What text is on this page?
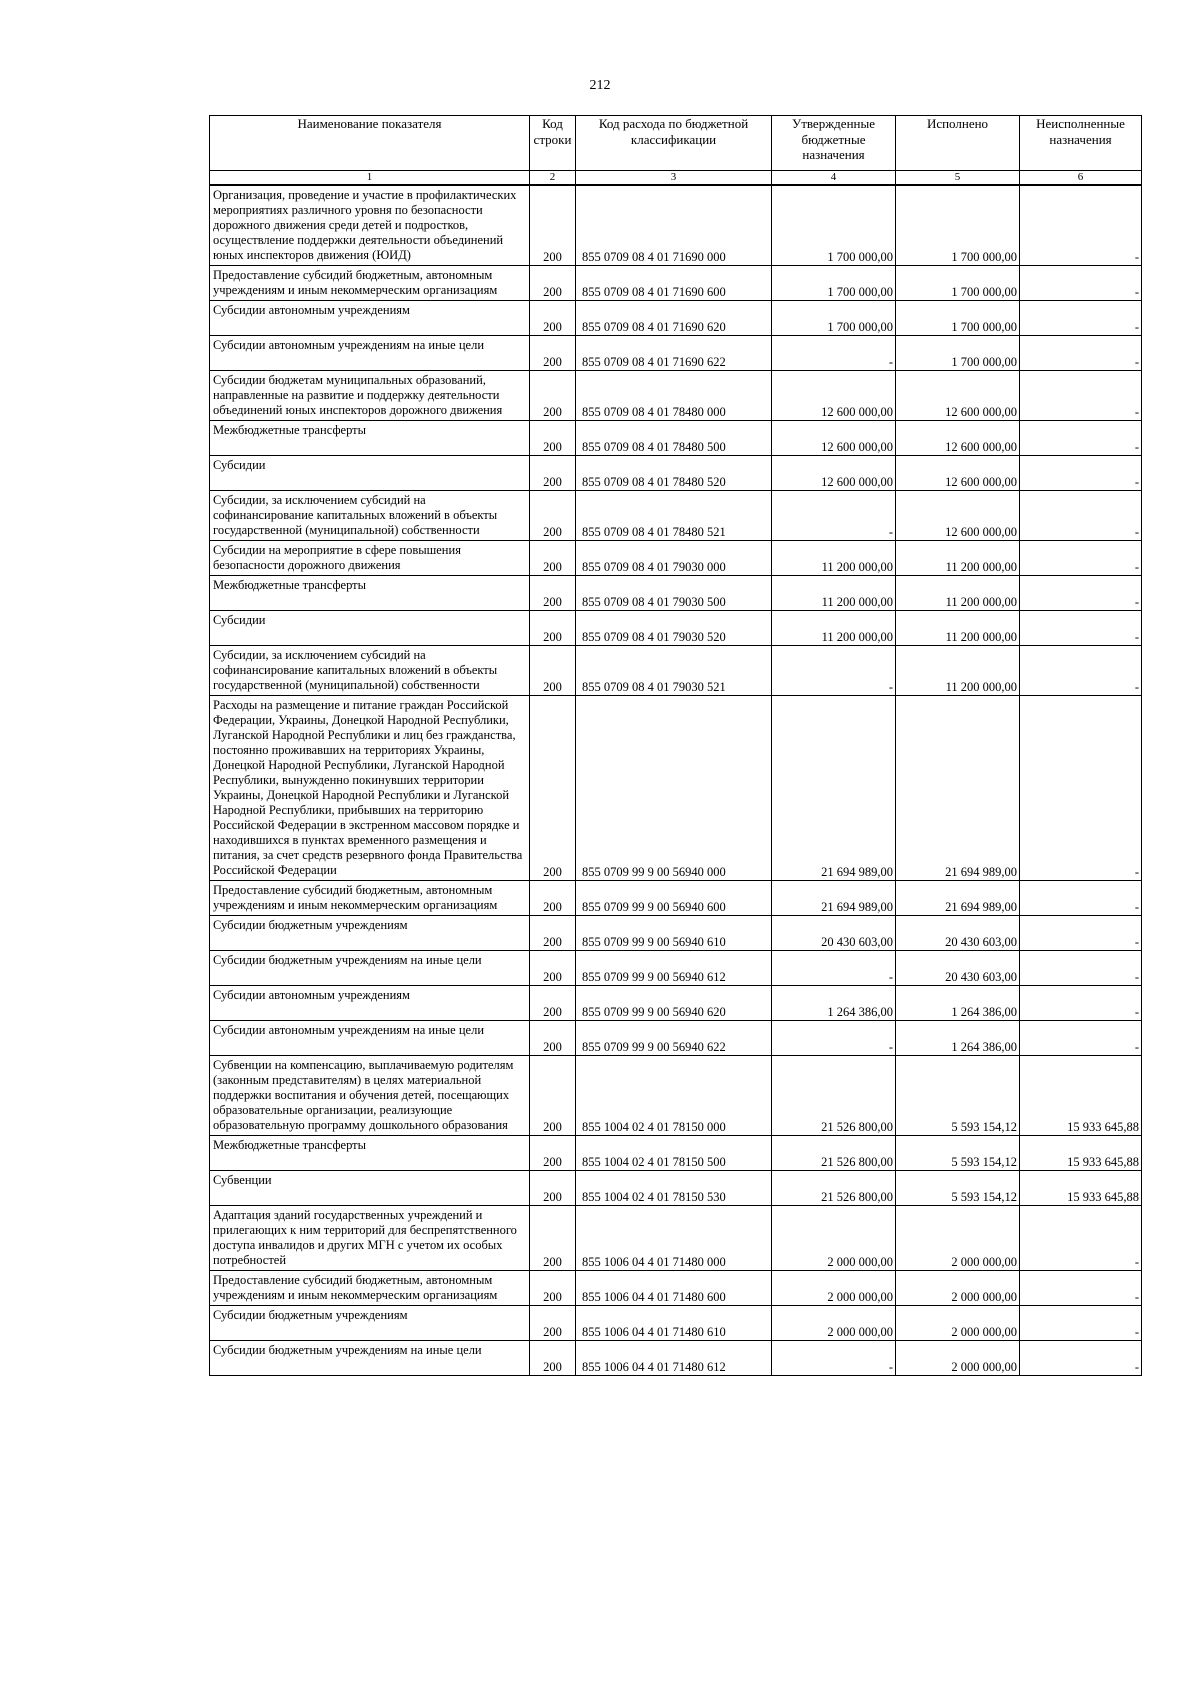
212
Наименование показателя	Код строки	Код расхода по бюджетной классификации	Утвержденные бюджетные назначения	Исполнено	Неисполненные назначения
1	2	3	4	5	6
Организация, проведение и участие в профилактических мероприятиях различного уровня по безопасности дорожного движения среди детей и подростков, осуществление поддержки деятельности объединений юных инспекторов движения (ЮИД)	200	855 0709 08 4 01 71690 000	1 700 000,00	1 700 000,00	-
Предоставление субсидий бюджетным, автономным учреждениям и иным некоммерческим организациям	200	855 0709 08 4 01 71690 600	1 700 000,00	1 700 000,00	-
Субсидии автономным учреждениям	200	855 0709 08 4 01 71690 620	1 700 000,00	1 700 000,00	-
Субсидии автономным учреждениям на иные цели	200	855 0709 08 4 01 71690 622	-	1 700 000,00	-
Субсидии бюджетам муниципальных образований, направленные на развитие и поддержку деятельности объединений юных инспекторов дорожного движения	200	855 0709 08 4 01 78480 000	12 600 000,00	12 600 000,00	-
Межбюджетные трансферты	200	855 0709 08 4 01 78480 500	12 600 000,00	12 600 000,00	-
Субсидии	200	855 0709 08 4 01 78480 520	12 600 000,00	12 600 000,00	-
Субсидии, за исключением субсидий на софинансирование капитальных вложений в объекты государственной (муниципальной) собственности	200	855 0709 08 4 01 78480 521	-	12 600 000,00	-
Субсидии на мероприятие в сфере повышения безопасности дорожного движения	200	855 0709 08 4 01 79030 000	11 200 000,00	11 200 000,00	-
Межбюджетные трансферты	200	855 0709 08 4 01 79030 500	11 200 000,00	11 200 000,00	-
Субсидии	200	855 0709 08 4 01 79030 520	11 200 000,00	11 200 000,00	-
Субсидии, за исключением субсидий на софинансирование капитальных вложений в объекты государственной (муниципальной) собственности	200	855 0709 08 4 01 79030 521	-	11 200 000,00	-
Расходы на размещение и питание граждан Российской Федерации, Украины, Донецкой Народной Республики, Луганской Народной Республики и лиц без гражданства, постоянно проживавших на территориях Украины, Донецкой Народной Республики, Луганской Народной Республики, вынужденно покинувших территории Украины, Донецкой Народной Республики и Луганской Народной Республики, прибывших на территорию Российской Федерации в экстренном массовом порядке и находившихся в пунктах временного размещения и питания, за счет средств резервного фонда Правительства Российской Федерации	200	855 0709 99 9 00 56940 000	21 694 989,00	21 694 989,00	-
Предоставление субсидий бюджетным, автономным учреждениям и иным некоммерческим организациям	200	855 0709 99 9 00 56940 600	21 694 989,00	21 694 989,00	-
Субсидии бюджетным учреждениям	200	855 0709 99 9 00 56940 610	20 430 603,00	20 430 603,00	-
Субсидии бюджетным учреждениям на иные цели	200	855 0709 99 9 00 56940 612	-	20 430 603,00	-
Субсидии автономным учреждениям	200	855 0709 99 9 00 56940 620	1 264 386,00	1 264 386,00	-
Субсидии автономным учреждениям на иные цели	200	855 0709 99 9 00 56940 622	-	1 264 386,00	-
Субвенции на компенсацию, выплачиваемую родителям (законным представителям) в целях материальной поддержки воспитания и обучения детей, посещающих образовательные организации, реализующие образовательную программу дошкольного образования	200	855 1004 02 4 01 78150 000	21 526 800,00	5 593 154,12	15 933 645,88
Межбюджетные трансферты	200	855 1004 02 4 01 78150 500	21 526 800,00	5 593 154,12	15 933 645,88
Субвенции	200	855 1004 02 4 01 78150 530	21 526 800,00	5 593 154,12	15 933 645,88
Адаптация зданий государственных учреждений и прилегающих к ним территорий для беспрепятственного доступа инвалидов и других МГН с учетом их особых потребностей	200	855 1006 04 4 01 71480 000	2 000 000,00	2 000 000,00	-
Предоставление субсидий бюджетным, автономным учреждениям и иным некоммерческим организациям	200	855 1006 04 4 01 71480 600	2 000 000,00	2 000 000,00	-
Субсидии бюджетным учреждениям	200	855 1006 04 4 01 71480 610	2 000 000,00	2 000 000,00	-
Субсидии бюджетным учреждениям на иные цели	200	855 1006 04 4 01 71480 612	-	2 000 000,00	-
